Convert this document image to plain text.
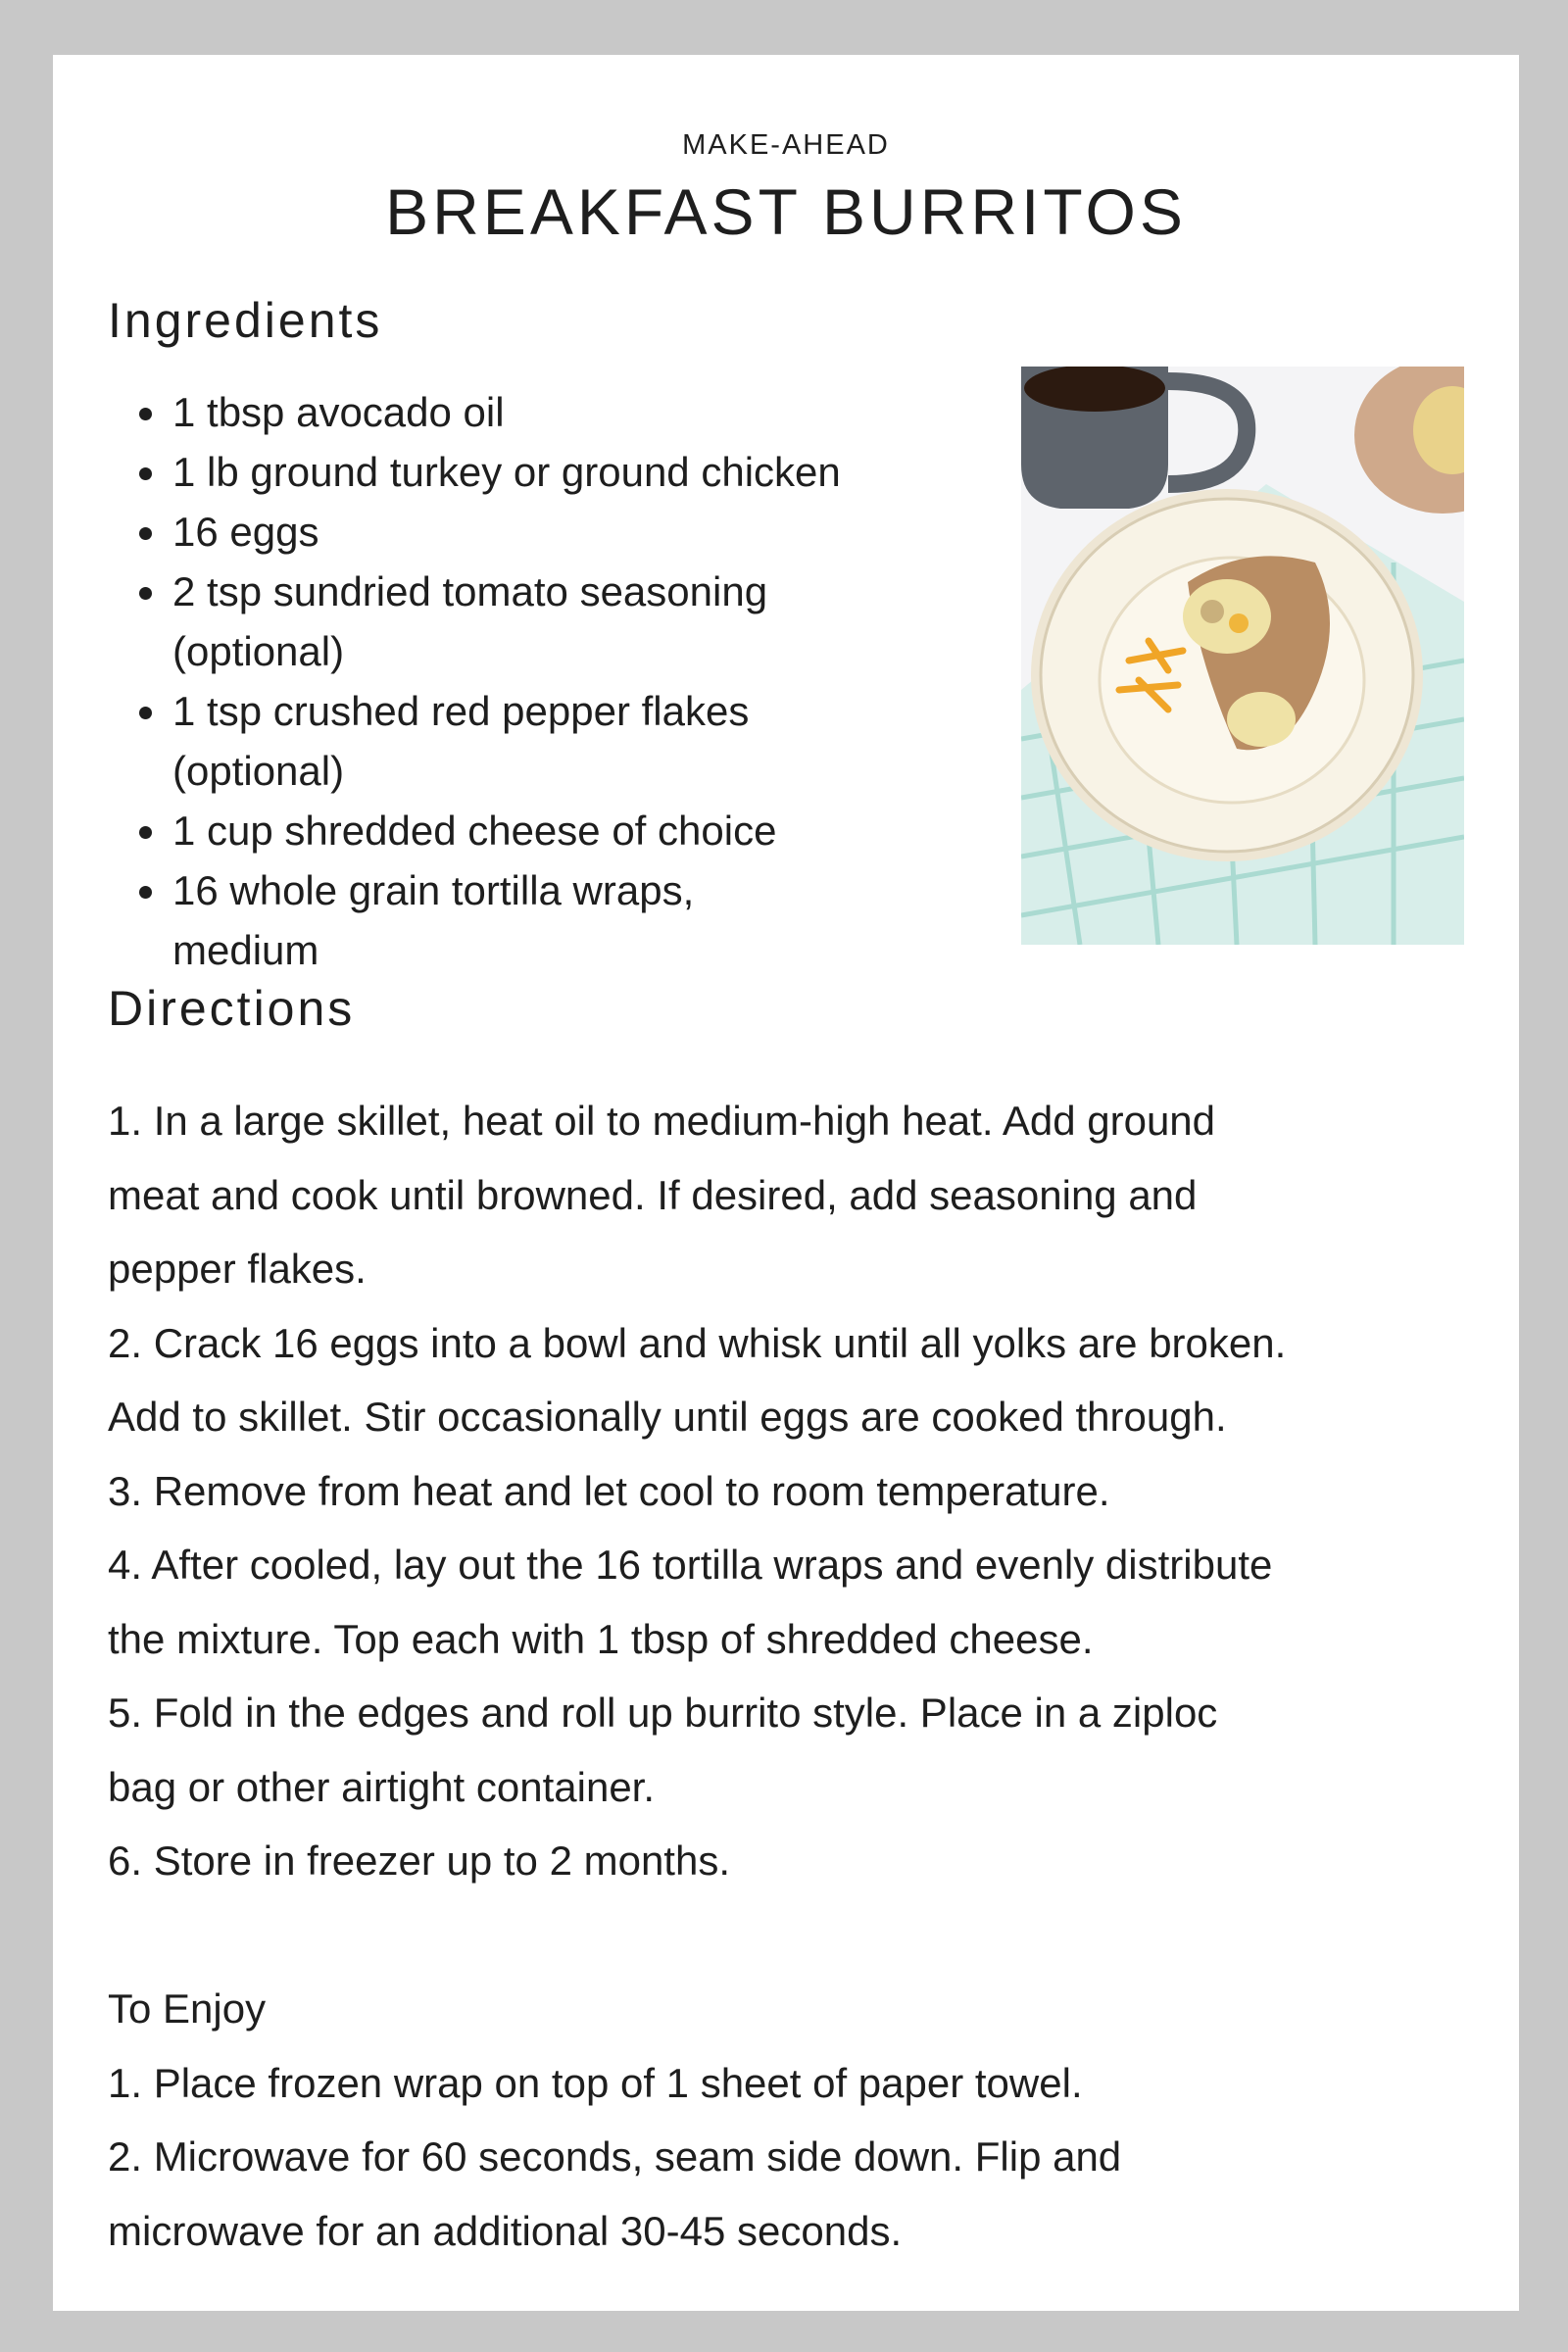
MAKE-AHEAD
BREAKFAST BURRITOS
Ingredients
• 1 tbsp avocado oil
• 1 lb ground turkey or ground chicken
• 16 eggs
• 2 tsp sundried tomato seasoning (optional)
• 1 tsp crushed red pepper flakes (optional)
• 1 cup shredded cheese of choice
• 16 whole grain tortilla wraps, medium
Directions
1. In a large skillet, heat oil to medium-high heat. Add ground
meat and cook until browned. If desired, add seasoning and
pepper flakes.
2. Crack 16 eggs into a bowl and whisk until all yolks are broken.
Add to skillet. Stir occasionally until eggs are cooked through.
3. Remove from heat and let cool to room temperature.
4. After cooled, lay out the 16 tortilla wraps and evenly distribute
the mixture. Top each with 1 tbsp of shredded cheese.
5. Fold in the edges and roll up burrito style. Place in a ziploc
bag or other airtight container.
6. Store in freezer up to 2 months.
To Enjoy
1. Place frozen wrap on top of 1 sheet of paper towel.
2. Microwave for 60 seconds, seam side down. Flip and
microwave for an additional 30-45 seconds.
